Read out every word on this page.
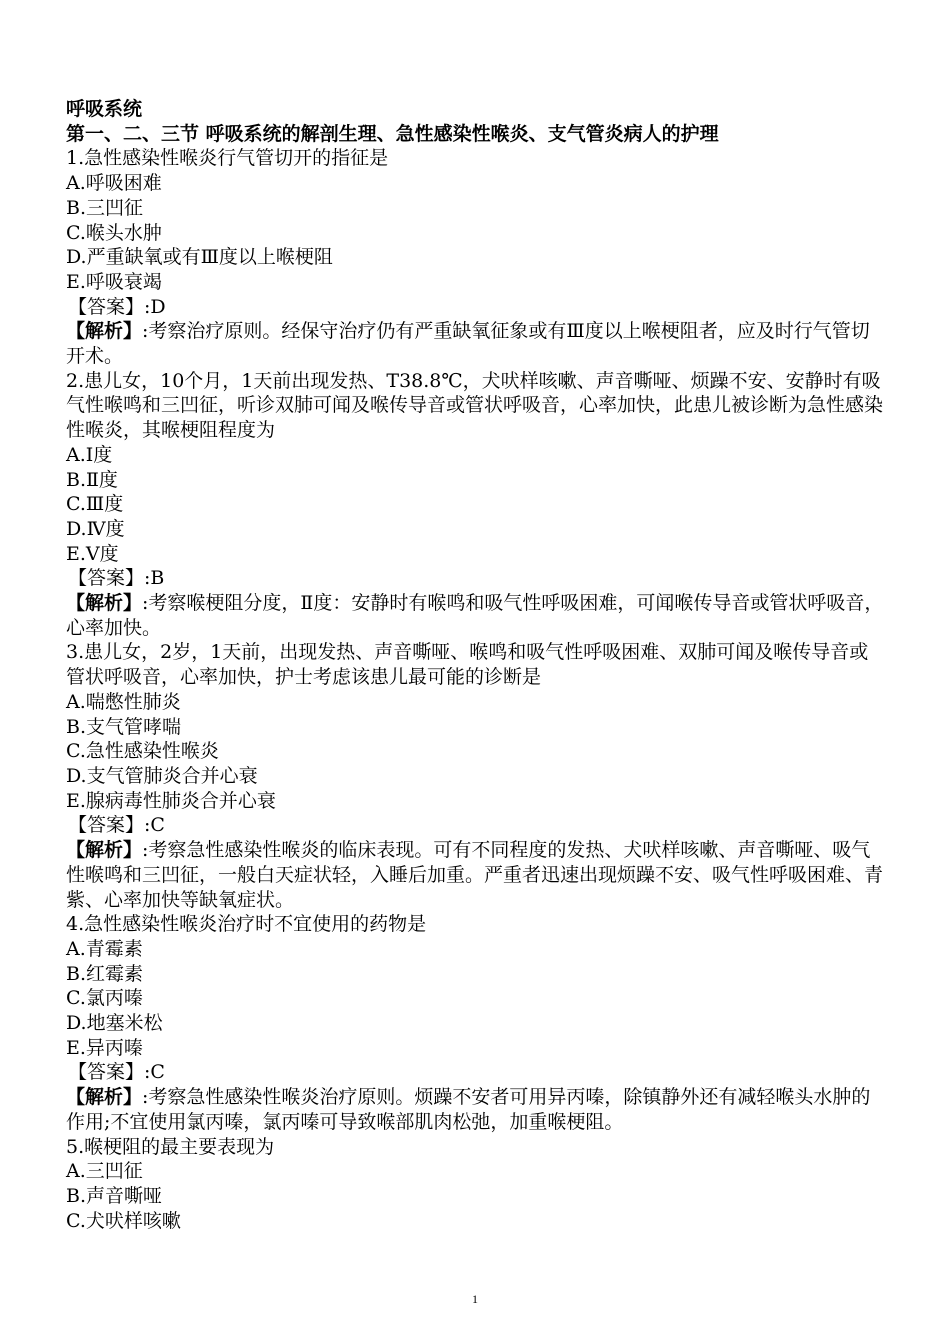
呼吸系统
第一、二、三节 呼吸系统的解剖生理、急性感染性喉炎、支气管炎病人的护理
1.急性感染性喉炎行气管切开的指征是
A.呼吸困难
B.三凹征
C.喉头水肿
D.严重缺氧或有Ⅲ度以上喉梗阻
E.呼吸衰竭
【答案】:D
【解析】:考察治疗原则。经保守治疗仍有严重缺氧征象或有Ⅲ度以上喉梗阻者，应及时行气管切开术。
2.患儿女，10个月，1天前出现发热、T38.8℃，犬吠样咳嗽、声音嘶哑、烦躁不安、安静时有吸气性喉鸣和三凹征，听诊双肺可闻及喉传导音或管状呼吸音，心率加快，此患儿被诊断为急性感染性喉炎，其喉梗阻程度为
A.Ⅰ度
B.Ⅱ度
C.Ⅲ度
D.Ⅳ度
E.Ⅴ度
【答案】:B
【解析】:考察喉梗阻分度，Ⅱ度：安静时有喉鸣和吸气性呼吸困难，可闻喉传导音或管状呼吸音，心率加快。
3.患儿女，2岁，1天前，出现发热、声音嘶哑、喉鸣和吸气性呼吸困难、双肺可闻及喉传导音或管状呼吸音，心率加快，护士考虑该患儿最可能的诊断是
A.喘憋性肺炎
B.支气管哮喘
C.急性感染性喉炎
D.支气管肺炎合并心衰
E.腺病毒性肺炎合并心衰
【答案】:C
【解析】:考察急性感染性喉炎的临床表现。可有不同程度的发热、犬吠样咳嗽、声音嘶哑、吸气性喉鸣和三凹征，一般白天症状轻，入睡后加重。严重者迅速出现烦躁不安、吸气性呼吸困难、青紫、心率加快等缺氧症状。
4.急性感染性喉炎治疗时不宜使用的药物是
A.青霉素
B.红霉素
C.氯丙嗪
D.地塞米松
E.异丙嗪
【答案】:C
【解析】:考察急性感染性喉炎治疗原则。烦躁不安者可用异丙嗪，除镇静外还有减轻喉头水肿的作用;不宜使用氯丙嗪，氯丙嗪可导致喉部肌肉松弛，加重喉梗阻。
5.喉梗阻的最主要表现为
A.三凹征
B.声音嘶哑
C.犬吠样咳嗽
1
